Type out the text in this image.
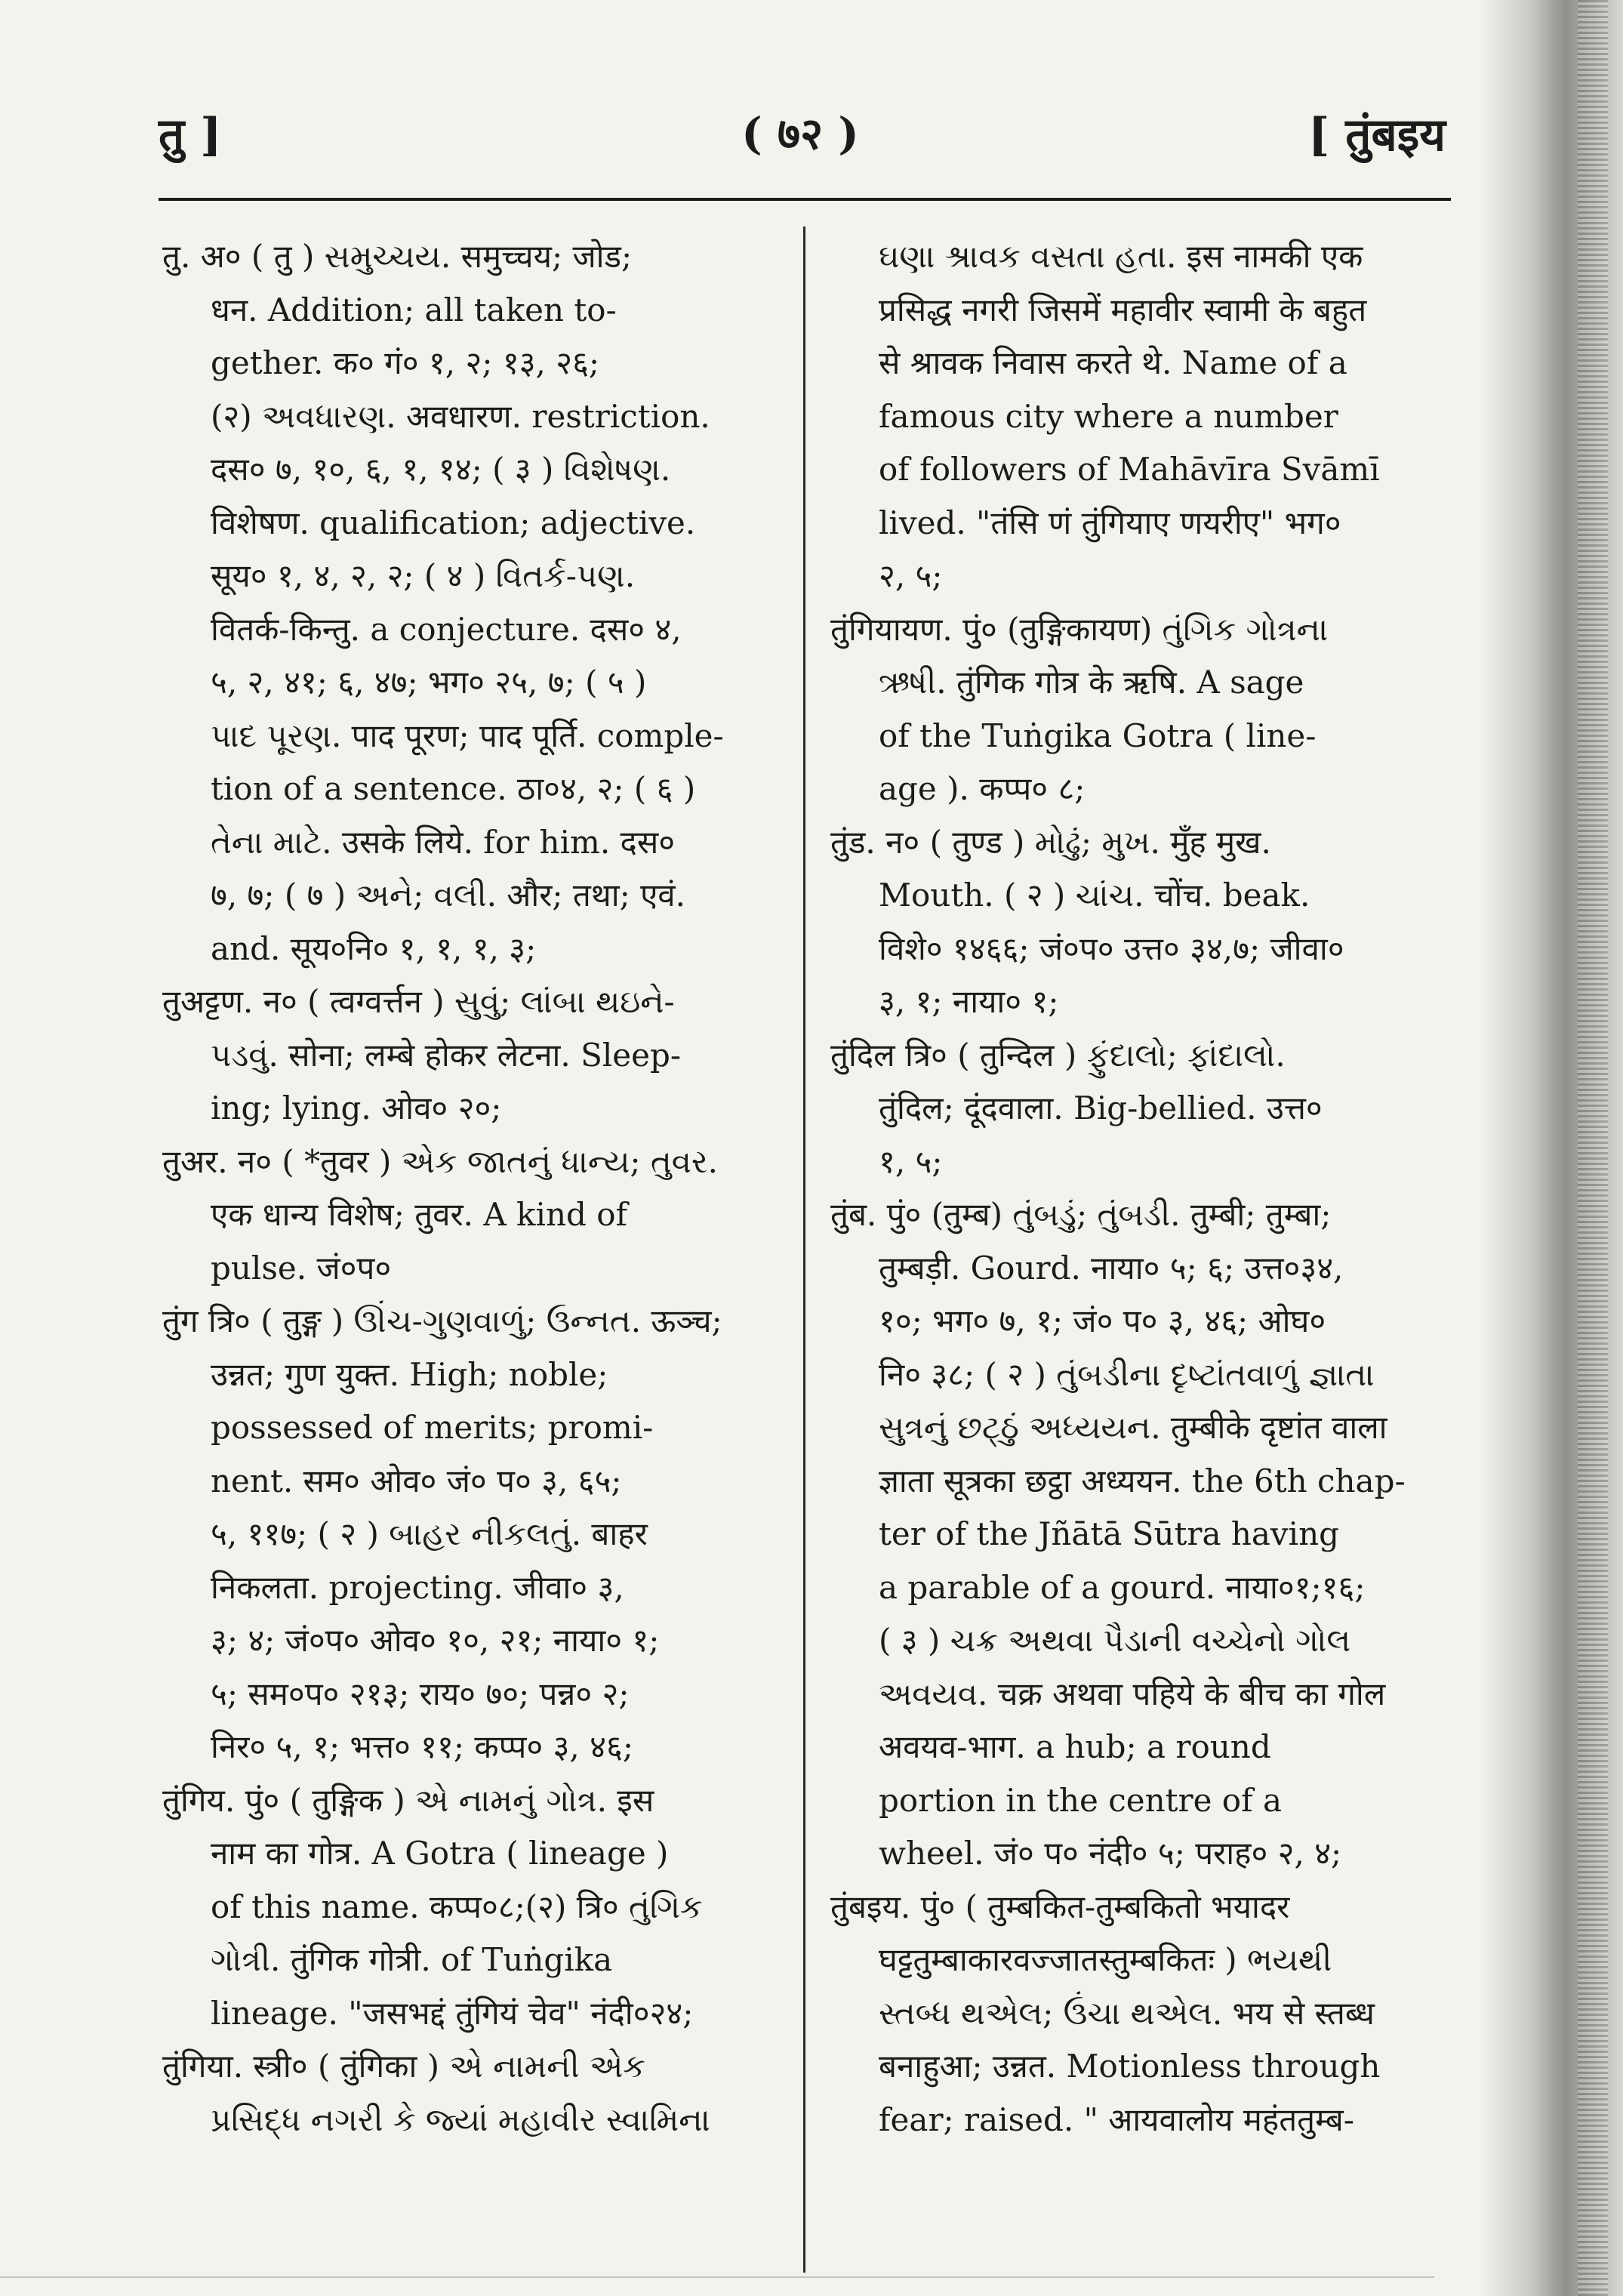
तु ]	( ७२ )	[ तुंबइय
तु. अ० ( तु ) સમુચ્ચય. समुच्चय; जोड;
धन. Addition; all taken to-
gether. क० गं० १, २; १३, २६;
(२) અવધારણ. अवधारण. restriction.
दस० ७, १०, ६, १, १४; ( ३ ) વિશેષણ.
विशेषण. qualification; adjective.
सूय० १, ४, २, २; ( ४ ) વિતર્ક-પણ.
वितर्क-किन्तु. a conjecture. दस० ४,
५, २, ४१; ६, ४७; भग० २५, ७; ( ५ )
પાદ પૂરણ. पाद पूरण; पाद पूर्ति. comple-
tion of a sentence. ठा०४, २; ( ६ )
તેના માટે. उसके लिये. for him. दस०
७, ७; ( ७ ) અને; વલી. और; तथा; एवं.
and. सूय०नि० १, १, १, ३;
तुअट्टण. न० ( त्वग्वर्त्तन ) સુવું; લાંબા થઇને-
પડવું. सोना; लम्बे होकर लेटना. Sleep-
ing; lying. ओव० २०;
तुअर. न० ( *तुवर ) એક જાતનું ધાન્ય; તુવર.
एक धान्य विशेष; तुवर. A kind of
pulse. जं०प०
तुंग त्रि० ( तुङ्ग ) ઊંચ-ગુણવાળું; ઉન્નત. ऊञ्च;
उन्नत; गुण युक्त. High; noble;
possessed of merits; promi-
nent. सम० ओव० जं० प० ३, ६५;
५, ११७; ( २ ) બાહર નીકલતું. बाहर
निकलता. projecting. जीवा० ३,
३; ४; जं०प० ओव० १०, २१; नाया० १;
५; सम०प० २१३; राय० ७०; पन्न० २;
निर० ५, १; भत्त० ११; कप्प० ३, ४६;
तुंगिय. पुं० ( तुङ्गिक ) એ નામનું ગોત્ર. इस
नाम का गोत्र. A Gotra ( lineage )
of this name. कप्प०८;(२) त्रि० તુંગિક
ગોત્રી. तुंगिक गोत्री. of Tuṅgika
lineage. "जसभद्दं तुंगियं चेव" नंदी०२४;
तुंगिया. स्त्री० ( तुंगिका ) એ નામની એક
પ્રસિદ્ધ નગરી કે જ્યાં મહાવીર સ્વામિના
ઘણા શ્રાવક વસતા હતા. इस नामकी एक
प्रसिद्ध नगरी जिसमें महावीर स्वामी के बहुत
से श्रावक निवास करते थे. Name of a
famous city where a number
of followers of Mahāvīra Svāmī
lived. "तंसि णं तुंगियाए णयरीए" भग०
२, ५;
तुंगियायण. पुं० (तुङ्गिकायण) તુંગિક ગોત્રના
ઋષી. तुंगिक गोत्र के ऋषि. A sage
of the Tuṅgika Gotra ( line-
age ). कप्प० ८;
तुंड. न० ( तुण्ड ) મોઢું; મુખ. मुँह मुख.
Mouth. ( २ ) ચાંચ. चोंच. beak.
विशे० १४६६; जं०प० उत्त० ३४,७; जीवा०
३, १; नाया० १;
तुंदिल त्रि० ( तुन्दिल ) ફુંદાલો; ફાંદાલો.
तुंदिल; दूंदवाला. Big-bellied. उत्त०
१, ५;
तुंब. पुं० (तुम्ब) તુંબડું; તુંબડી. तुम्बी; तुम्बा;
तुम्बड़ी. Gourd. नाया० ५; ६; उत्त०३४,
१०; भग० ७, १; जं० प० ३, ४६; ओघ०
नि० ३८; ( २ ) તુંબડીના દૃષ્ટાંતવાળું જ્ઞાતા
સુત્રનું છટ્ઠું અધ્યયન. तुम्बीके दृष्टांत वाला
ज्ञाता सूत्रका छट्ठा अध्ययन. the 6th chap-
ter of the Jñātā Sūtra having
a parable of a gourd. नाया०१;१६;
( ३ ) ચક્ર અથવા પૈડાની વચ્ચેનો ગોલ
અવયવ. चक्र अथवा पहिये के बीच का गोल
अवयव-भाग. a hub; a round
portion in the centre of a
wheel. जं० प० नंदी० ५; पराह० २, ४;
तुंबइय. पुं० ( तुम्बकित-तुम्बकितो भयादर
घट्टतुम्बाकारवज्जातस्तुम्बकितः ) ભયથી
સ્તબ્ધ થએલ; ઉંચા થએલ. भय से स्तब्ध
बनाहुआ; उन्नत. Motionless through
fear; raised. " आयवालोय महंततुम्ब-
